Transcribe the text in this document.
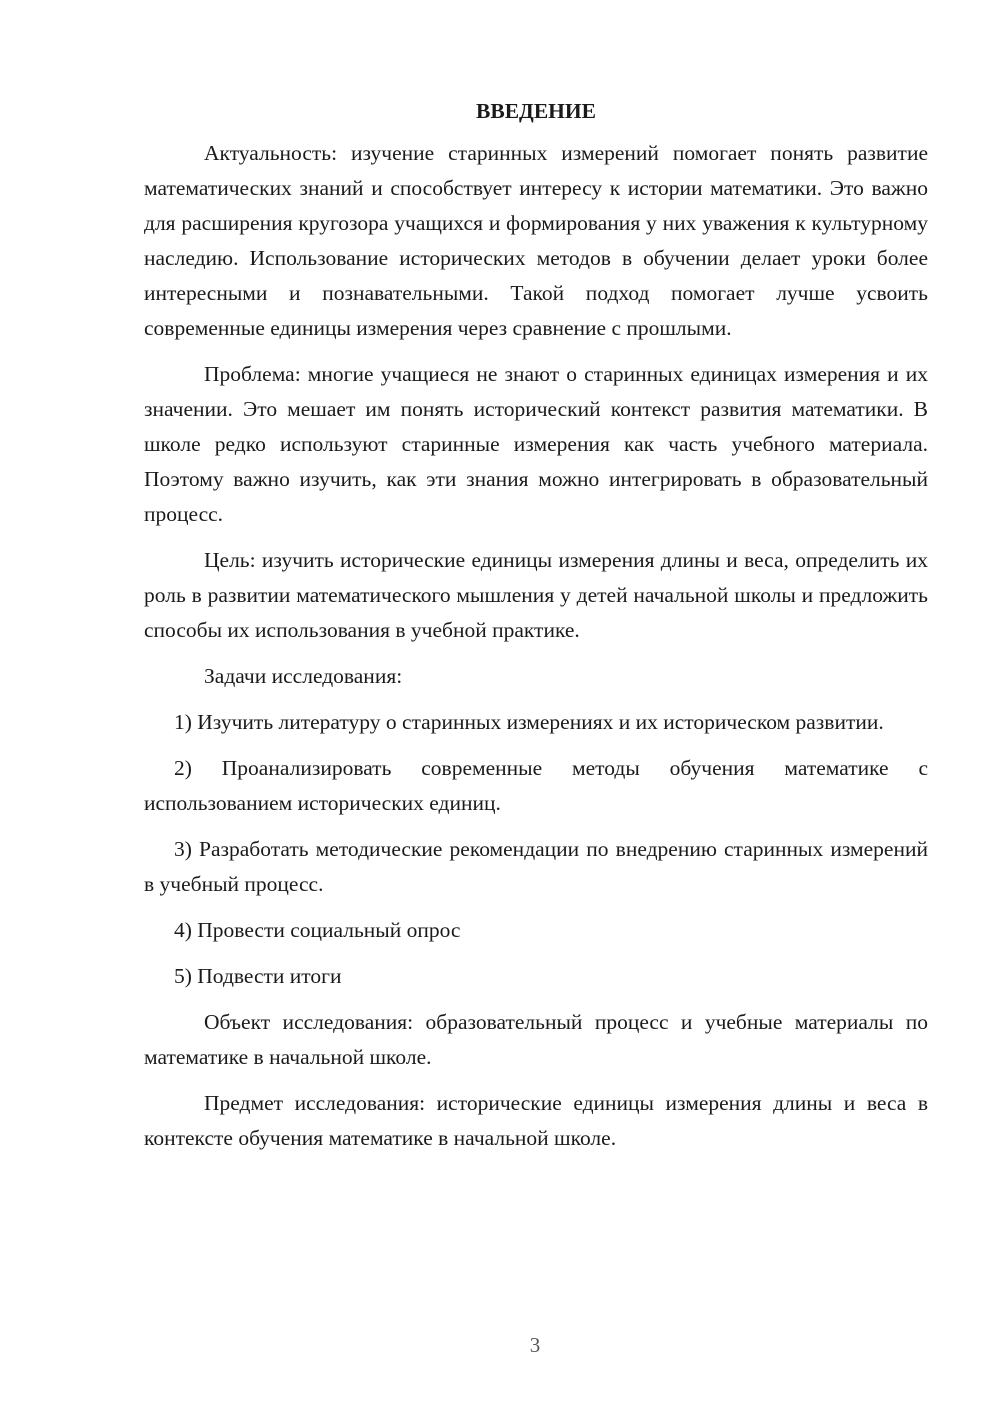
ВВЕДЕНИЕ

Актуальность: изучение старинных измерений помогает понять развитие математических знаний и способствует интересу к истории математики. Это важно для расширения кругозора учащихся и формирования у них уважения к культурному наследию. Использование исторических методов в обучении делает уроки более интересными и познавательными. Такой подход помогает лучше усвоить современные единицы измерения через сравнение с прошлыми.

Проблема: многие учащиеся не знают о старинных единицах измерения и их значении. Это мешает им понять исторический контекст развития математики. В школе редко используют старинные измерения как часть учебного материала. Поэтому важно изучить, как эти знания можно интегрировать в образовательный процесс.

Цель: изучить исторические единицы измерения длины и веса, определить их роль в развитии математического мышления у детей начальной школы и предложить способы их использования в учебной практике.

Задачи исследования:

1) Изучить литературу о старинных измерениях и их историческом развитии.

2) Проанализировать современные методы обучения математике с использованием исторических единиц.

3) Разработать методические рекомендации по внедрению старинных измерений в учебный процесс.

4) Провести социальный опрос

5) Подвести итоги

Объект исследования: образовательный процесс и учебные материалы по математике в начальной школе.

Предмет исследования: исторические единицы измерения длины и веса в контексте обучения математике в начальной школе.

3
